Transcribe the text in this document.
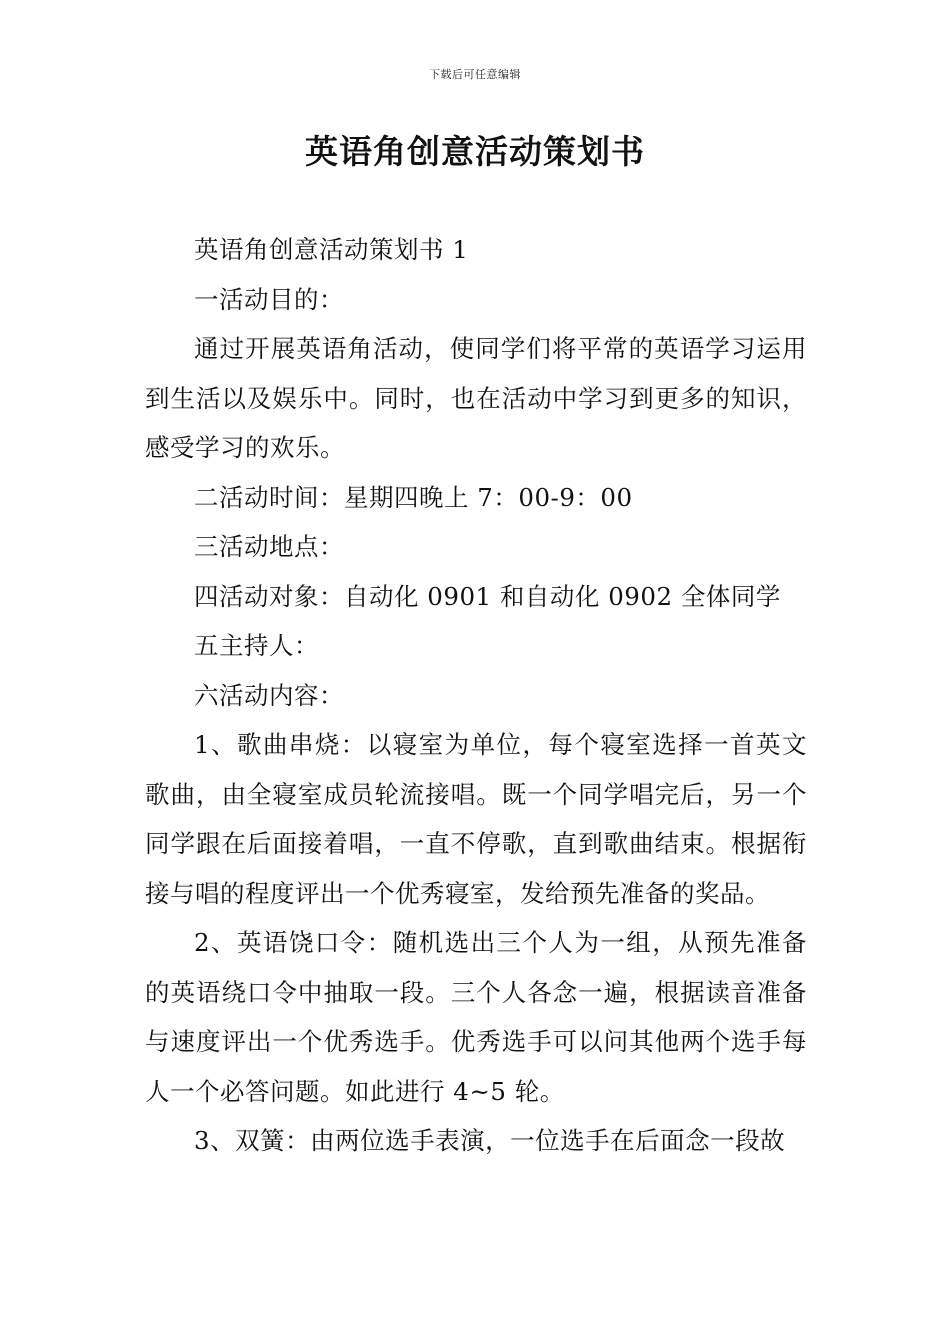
下载后可任意编辑
英语角创意活动策划书

英语角创意活动策划书 1

一活动目的：

通过开展英语角活动，使同学们将平常的英语学习运用到生活以及娱乐中。同时，也在活动中学习到更多的知识，感受学习的欢乐。

二活动时间：星期四晚上 7：00-9：00

三活动地点：

四活动对象：自动化 0901 和自动化 0902 全体同学

五主持人：

六活动内容：

1、歌曲串烧：以寝室为单位，每个寝室选择一首英文歌曲，由全寝室成员轮流接唱。既一个同学唱完后，另一个同学跟在后面接着唱，一直不停歌，直到歌曲结束。根据衔接与唱的程度评出一个优秀寝室，发给预先准备的奖品。

2、英语饶口令：随机选出三个人为一组，从预先准备的英语绕口令中抽取一段。三个人各念一遍，根据读音准备与速度评出一个优秀选手。优秀选手可以问其他两个选手每人一个必答问题。如此进行 4~5 轮。

3、双簧：由两位选手表演，一位选手在后面念一段故
